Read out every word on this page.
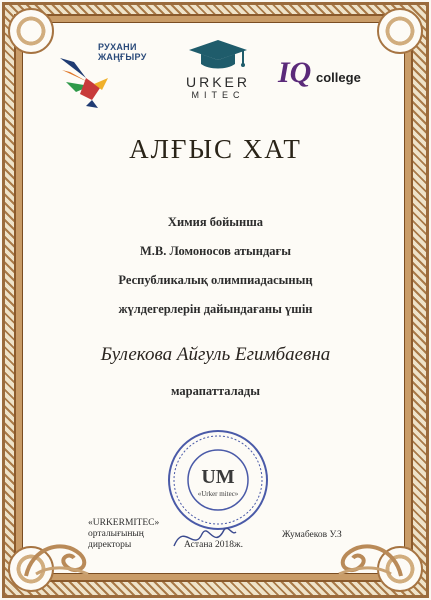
РУХАНИ
ЖАҢҒЫРУ
URKER
MITEC
IQ college
АЛҒЫС ХАТ
Химия бойынша
М.В. Ломоносов атындағы
Республикалық олимпиадасының
жүлдегерлерін дайындағаны үшін
Булекова Айгуль Егимбаевна
марапатталады
UM
«Urker mitec»
«URKERMITEC»
орталығының
директоры	Астана 2018ж.
Жумабеков У.З
